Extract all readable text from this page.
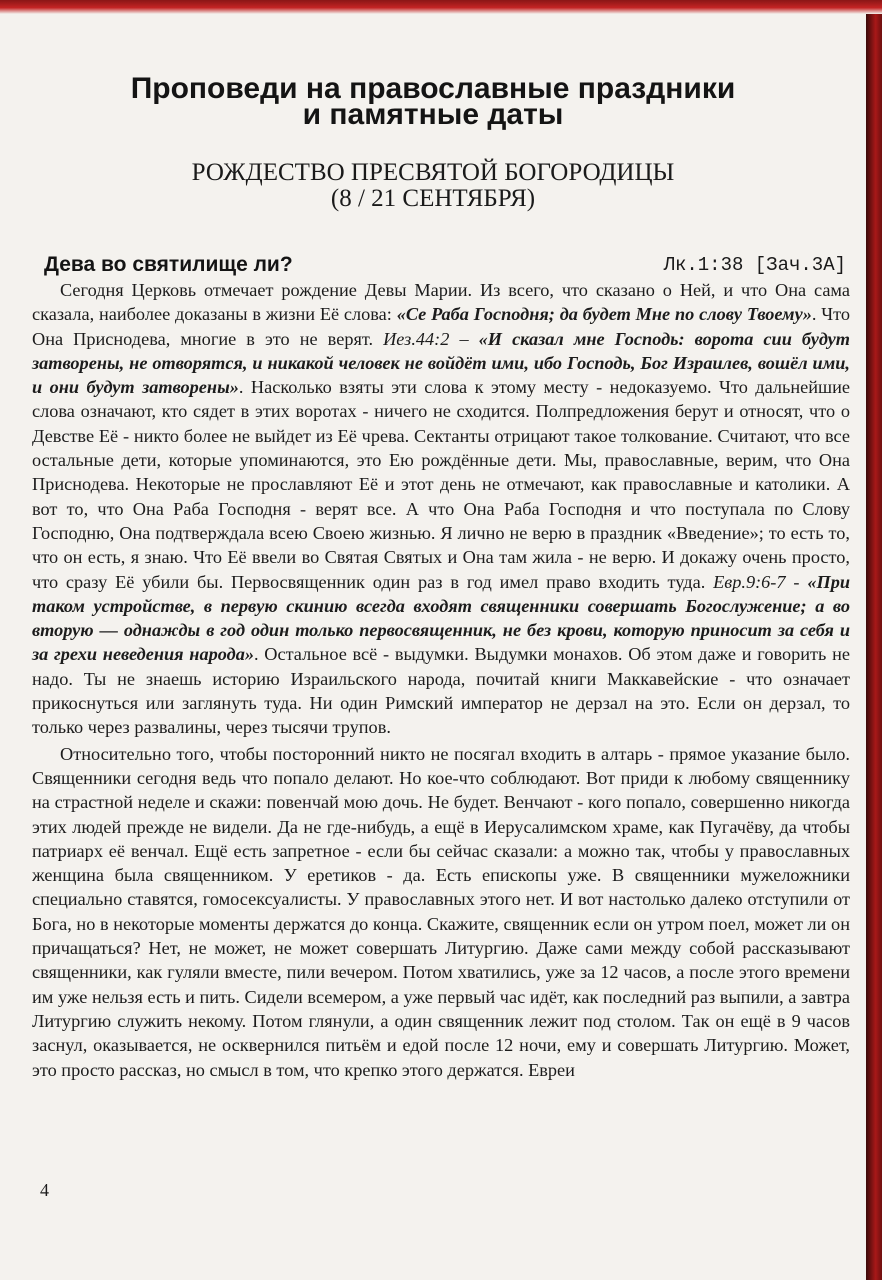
Проповеди на православные праздники
и памятные даты
РОЖДЕСТВО ПРЕСВЯТОЙ БОГОРОДИЦЫ
(8 / 21 СЕНТЯБРЯ)
Дева во святилище ли?	Лк.1:38 [Зач.3А]

Сегодня Церковь отмечает рождение Девы Марии. Из всего, что сказано о Ней, и что Она сама сказала, наиболее доказаны в жизни Её слова: «Се Раба Господня; да будет Мне по слову Твоему». Что Она Приснодева, многие в это не верят. Иез.44:2 – «И сказал мне Господь: ворота сии будут затворены, не отворятся, и никакой человек не войдёт ими, ибо Господь, Бог Израилев, вошёл ими, и они будут затворены». Насколько взяты эти слова к этому месту - недоказуемо. Что дальнейшие слова означают, кто сядет в этих воротах - ничего не сходится. Полпредложения берут и относят, что о Девстве Её - никто более не выйдет из Её чрева. Сектанты отрицают такое толкование. Считают, что все остальные дети, которые упоминаются, это Ею рождённые дети. Мы, православные, верим, что Она Приснодева. Некоторые не прославляют Её и этот день не отмечают, как православные и католики. А вот то, что Она Раба Господня - верят все. А что Она Раба Господня и что поступала по Слову Господню, Она подтверждала всею Своею жизнью. Я лично не верю в праздник «Введение»; то есть то, что он есть, я знаю. Что Её ввели во Святая Святых и Она там жила - не верю. И докажу очень просто, что сразу Её убили бы. Первосвященник один раз в год имел право входить туда. Евр.9:6-7 - «При таком устройстве, в первую скинию всегда входят священники совершать Богослужение; а во вторую — однажды в год один только первосвященник, не без крови, которую приносит за себя и за грехи неведения народа». Остальное всё - выдумки. Выдумки монахов. Об этом даже и говорить не надо. Ты не знаешь историю Израильского народа, почитай книги Маккавейские - что означает прикоснуться или заглянуть туда. Ни один Римский император не дерзал на это. Если он дерзал, то только через развалины, через тысячи трупов.

Относительно того, чтобы посторонний никто не посягал входить в алтарь - прямое указание было. Священники сегодня ведь что попало делают. Но кое-что соблюдают. Вот приди к любому священнику на страстной неделе и скажи: повенчай мою дочь. Не будет. Венчают - кого попало, совершенно никогда этих людей прежде не видели. Да не где-нибудь, а ещё в Иерусалимском храме, как Пугачёву, да чтобы патриарх её венчал. Ещё есть запретное - если бы сейчас сказали: а можно так, чтобы у православных женщина была священником. У еретиков - да. Есть епископы уже. В священники мужеложники специально ставятся, гомосексуалисты. У православных этого нет. И вот настолько далеко отступили от Бога, но в некоторые моменты держатся до конца. Скажите, священник если он утром поел, может ли он причащаться? Нет, не может, не может совершать Литургию. Даже сами между собой рассказывают священники, как гуляли вместе, пили вечером. Потом хватились, уже за 12 часов, а после этого времени им уже нельзя есть и пить. Сидели всемером, а уже первый час идёт, как последний раз выпили, а завтра Литургию служить некому. Потом глянули, а один священник лежит под столом. Так он ещё в 9 часов заснул, оказывается, не осквернился питьём и едой после 12 ночи, ему и совершать Литургию. Может, это просто рассказ, но смысл в том, что крепко этого держатся. Евреи

4
